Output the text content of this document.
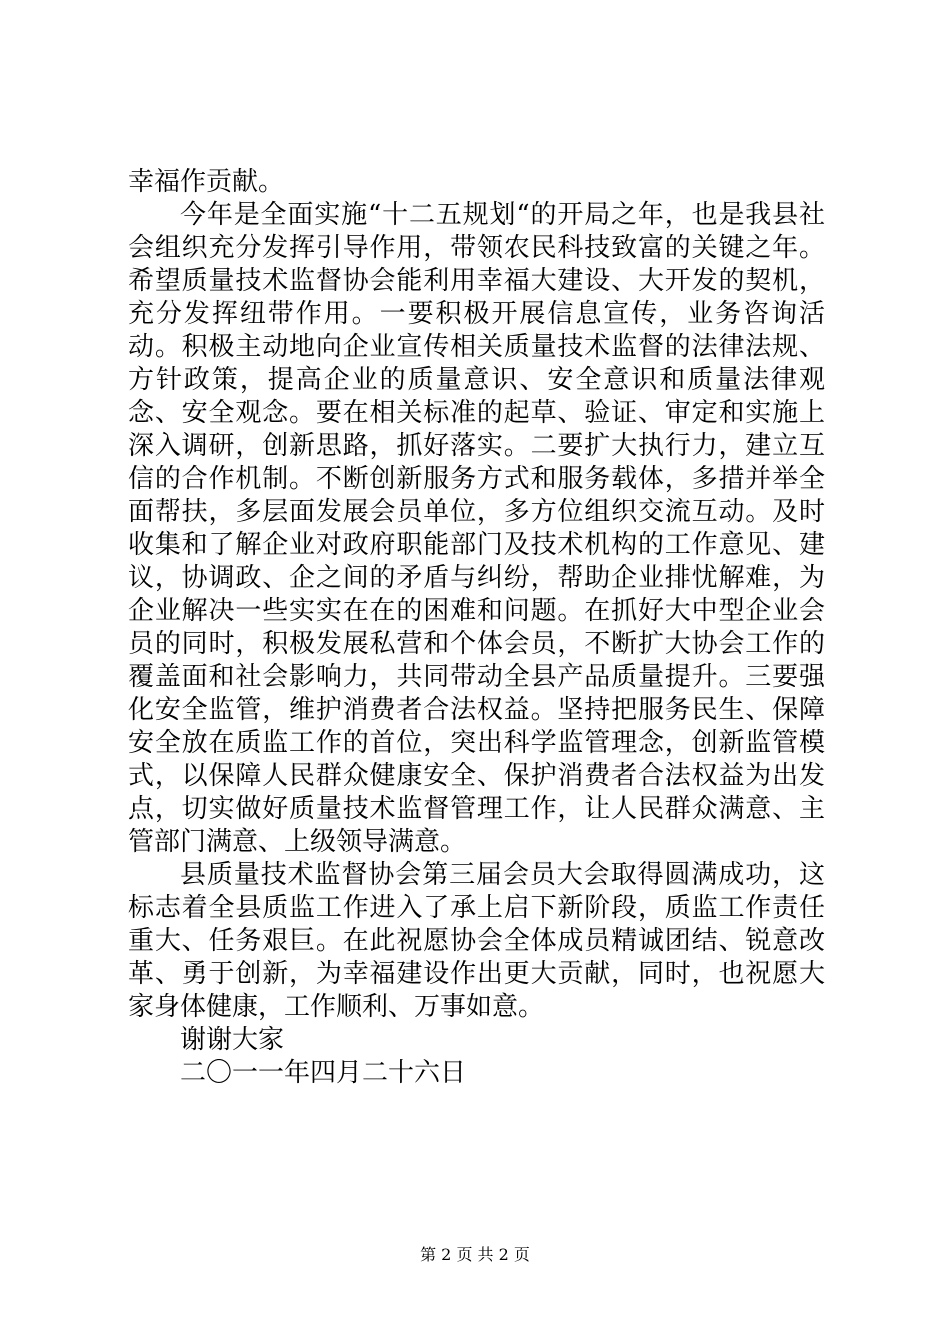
幸福作贡献。

今年是全面实施“十二五规划“的开局之年，也是我县社会组织充分发挥引导作用，带领农民科技致富的关键之年。希望质量技术监督协会能利用幸福大建设、大开发的契机，充分发挥纽带作用。一要积极开展信息宣传，业务咨询活动。积极主动地向企业宣传相关质量技术监督的法律法规、方针政策，提高企业的质量意识、安全意识和质量法律观念、安全观念。要在相关标准的起草、验证、审定和实施上深入调研，创新思路，抓好落实。二要扩大执行力，建立互信的合作机制。不断创新服务方式和服务载体，多措并举全面帮扶，多层面发展会员单位，多方位组织交流互动。及时收集和了解企业对政府职能部门及技术机构的工作意见、建议，协调政、企之间的矛盾与纠纷，帮助企业排忧解难，为企业解决一些实实在在的困难和问题。在抓好大中型企业会员的同时，积极发展私营和个体会员，不断扩大协会工作的覆盖面和社会影响力，共同带动全县产品质量提升。三要强化安全监管，维护消费者合法权益。坚持把服务民生、保障安全放在质监工作的首位，突出科学监管理念，创新监管模式，以保障人民群众健康安全、保护消费者合法权益为出发点，切实做好质量技术监督管理工作，让人民群众满意、主管部门满意、上级领导满意。

县质量技术监督协会第三届会员大会取得圆满成功，这标志着全县质监工作进入了承上启下新阶段，质监工作责任重大、任务艰巨。在此祝愿协会全体成员精诚团结、锐意改革、勇于创新，为幸福建设作出更大贡献，同时，也祝愿大家身体健康，工作顺利、万事如意。

谢谢大家

二〇一一年四月二十六日

第 2 页 共 2 页
